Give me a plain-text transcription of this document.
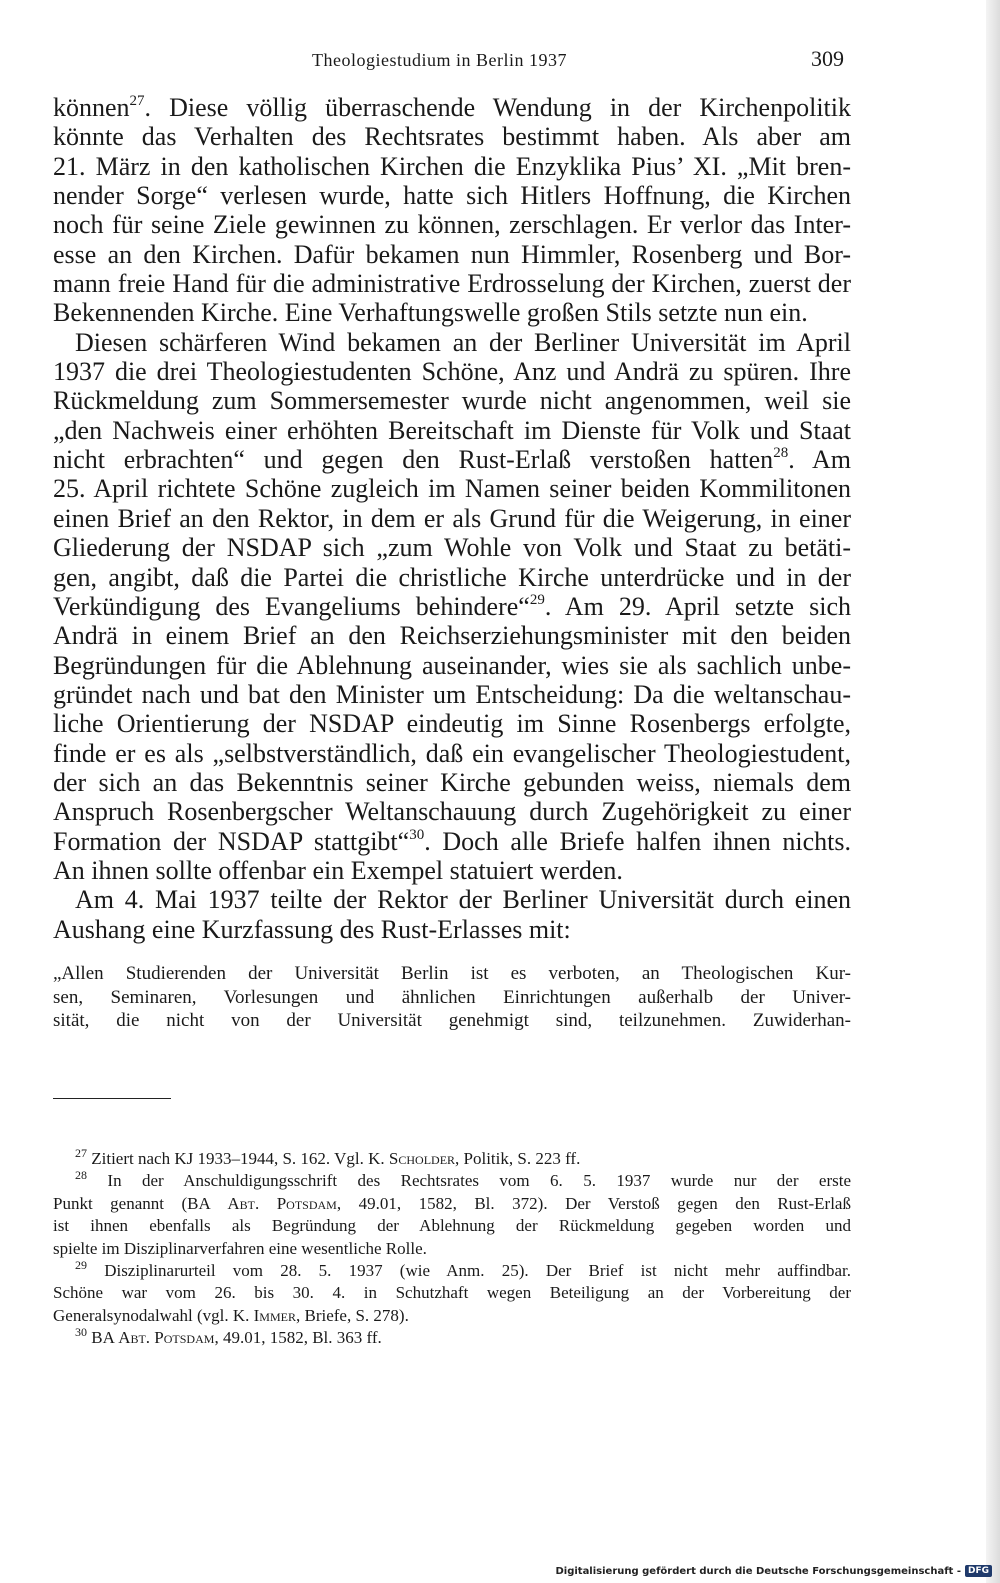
Theologiestudium in Berlin 1937	309
können$^{27}$. Diese völlig überraschende Wendung in der Kirchenpolitik
könnte das Verhalten des Rechtsrates bestimmt haben. Als aber am
21. März in den katholischen Kirchen die Enzyklika Pius’ XI. „Mit bren-
nender Sorge“ verlesen wurde, hatte sich Hitlers Hoffnung, die Kirchen
noch für seine Ziele gewinnen zu können, zerschlagen. Er verlor das Inter-
esse an den Kirchen. Dafür bekamen nun Himmler, Rosenberg und Bor-
mann freie Hand für die administrative Erdrosselung der Kirchen, zuerst der
Bekennenden Kirche. Eine Verhaftungswelle großen Stils setzte nun ein.
Diesen schärferen Wind bekamen an der Berliner Universität im April
1937 die drei Theologiestudenten Schöne, Anz und Andrä zu spüren. Ihre
Rückmeldung zum Sommersemester wurde nicht angenommen, weil sie
„den Nachweis einer erhöhten Bereitschaft im Dienste für Volk und Staat
nicht erbrachten“ und gegen den Rust-Erlaß verstoßen hatten$^{28}$. Am
25. April richtete Schöne zugleich im Namen seiner beiden Kommilitonen
einen Brief an den Rektor, in dem er als Grund für die Weigerung, in einer
Gliederung der NSDAP sich „zum Wohle von Volk und Staat zu betäti-
gen, angibt, daß die Partei die christliche Kirche unterdrücke und in der
Verkündigung des Evangeliums behindere“$^{29}$. Am 29. April setzte sich
Andrä in einem Brief an den Reichserziehungsminister mit den beiden
Begründungen für die Ablehnung auseinander, wies sie als sachlich unbe-
gründet nach und bat den Minister um Entscheidung: Da die weltanschau-
liche Orientierung der NSDAP eindeutig im Sinne Rosenbergs erfolgte,
finde er es als „selbstverständlich, daß ein evangelischer Theologiestudent,
der sich an das Bekenntnis seiner Kirche gebunden weiss, niemals dem
Anspruch Rosenbergscher Weltanschauung durch Zugehörigkeit zu einer
Formation der NSDAP stattgibt“$^{30}$. Doch alle Briefe halfen ihnen nichts.
An ihnen sollte offenbar ein Exempel statuiert werden.
Am 4. Mai 1937 teilte der Rektor der Berliner Universität durch einen
Aushang eine Kurzfassung des Rust-Erlasses mit:
„Allen Studierenden der Universität Berlin ist es verboten, an Theologischen Kur-
sen, Seminaren, Vorlesungen und ähnlichen Einrichtungen außerhalb der Univer-
sität, die nicht von der Universität genehmigt sind, teilzunehmen. Zuwiderhan-
$^{27}$ Zitiert nach KJ 1933–1944, S. 162. Vgl. K. Scholder, Politik, S. 223 ff.
$^{28}$ In der Anschuldigungsschrift des Rechtsrates vom 6. 5. 1937 wurde nur der erste
Punkt genannt (BA Abt. Potsdam, 49.01, 1582, Bl. 372). Der Verstoß gegen den Rust-Erlaß
ist ihnen ebenfalls als Begründung der Ablehnung der Rückmeldung gegeben worden und
spielte im Disziplinarverfahren eine wesentliche Rolle.
$^{29}$ Disziplinarurteil vom 28. 5. 1937 (wie Anm. 25). Der Brief ist nicht mehr auffindbar.
Schöne war vom 26. bis 30. 4. in Schutzhaft wegen Beteiligung an der Vorbereitung der
Generalsynodalwahl (vgl. K. Immer, Briefe, S. 278).
$^{30}$ BA Abt. Potsdam, 49.01, 1582, Bl. 363 ff.
Digitalisierung gefördert durch die Deutsche Forschungsgemeinschaft - DFG
